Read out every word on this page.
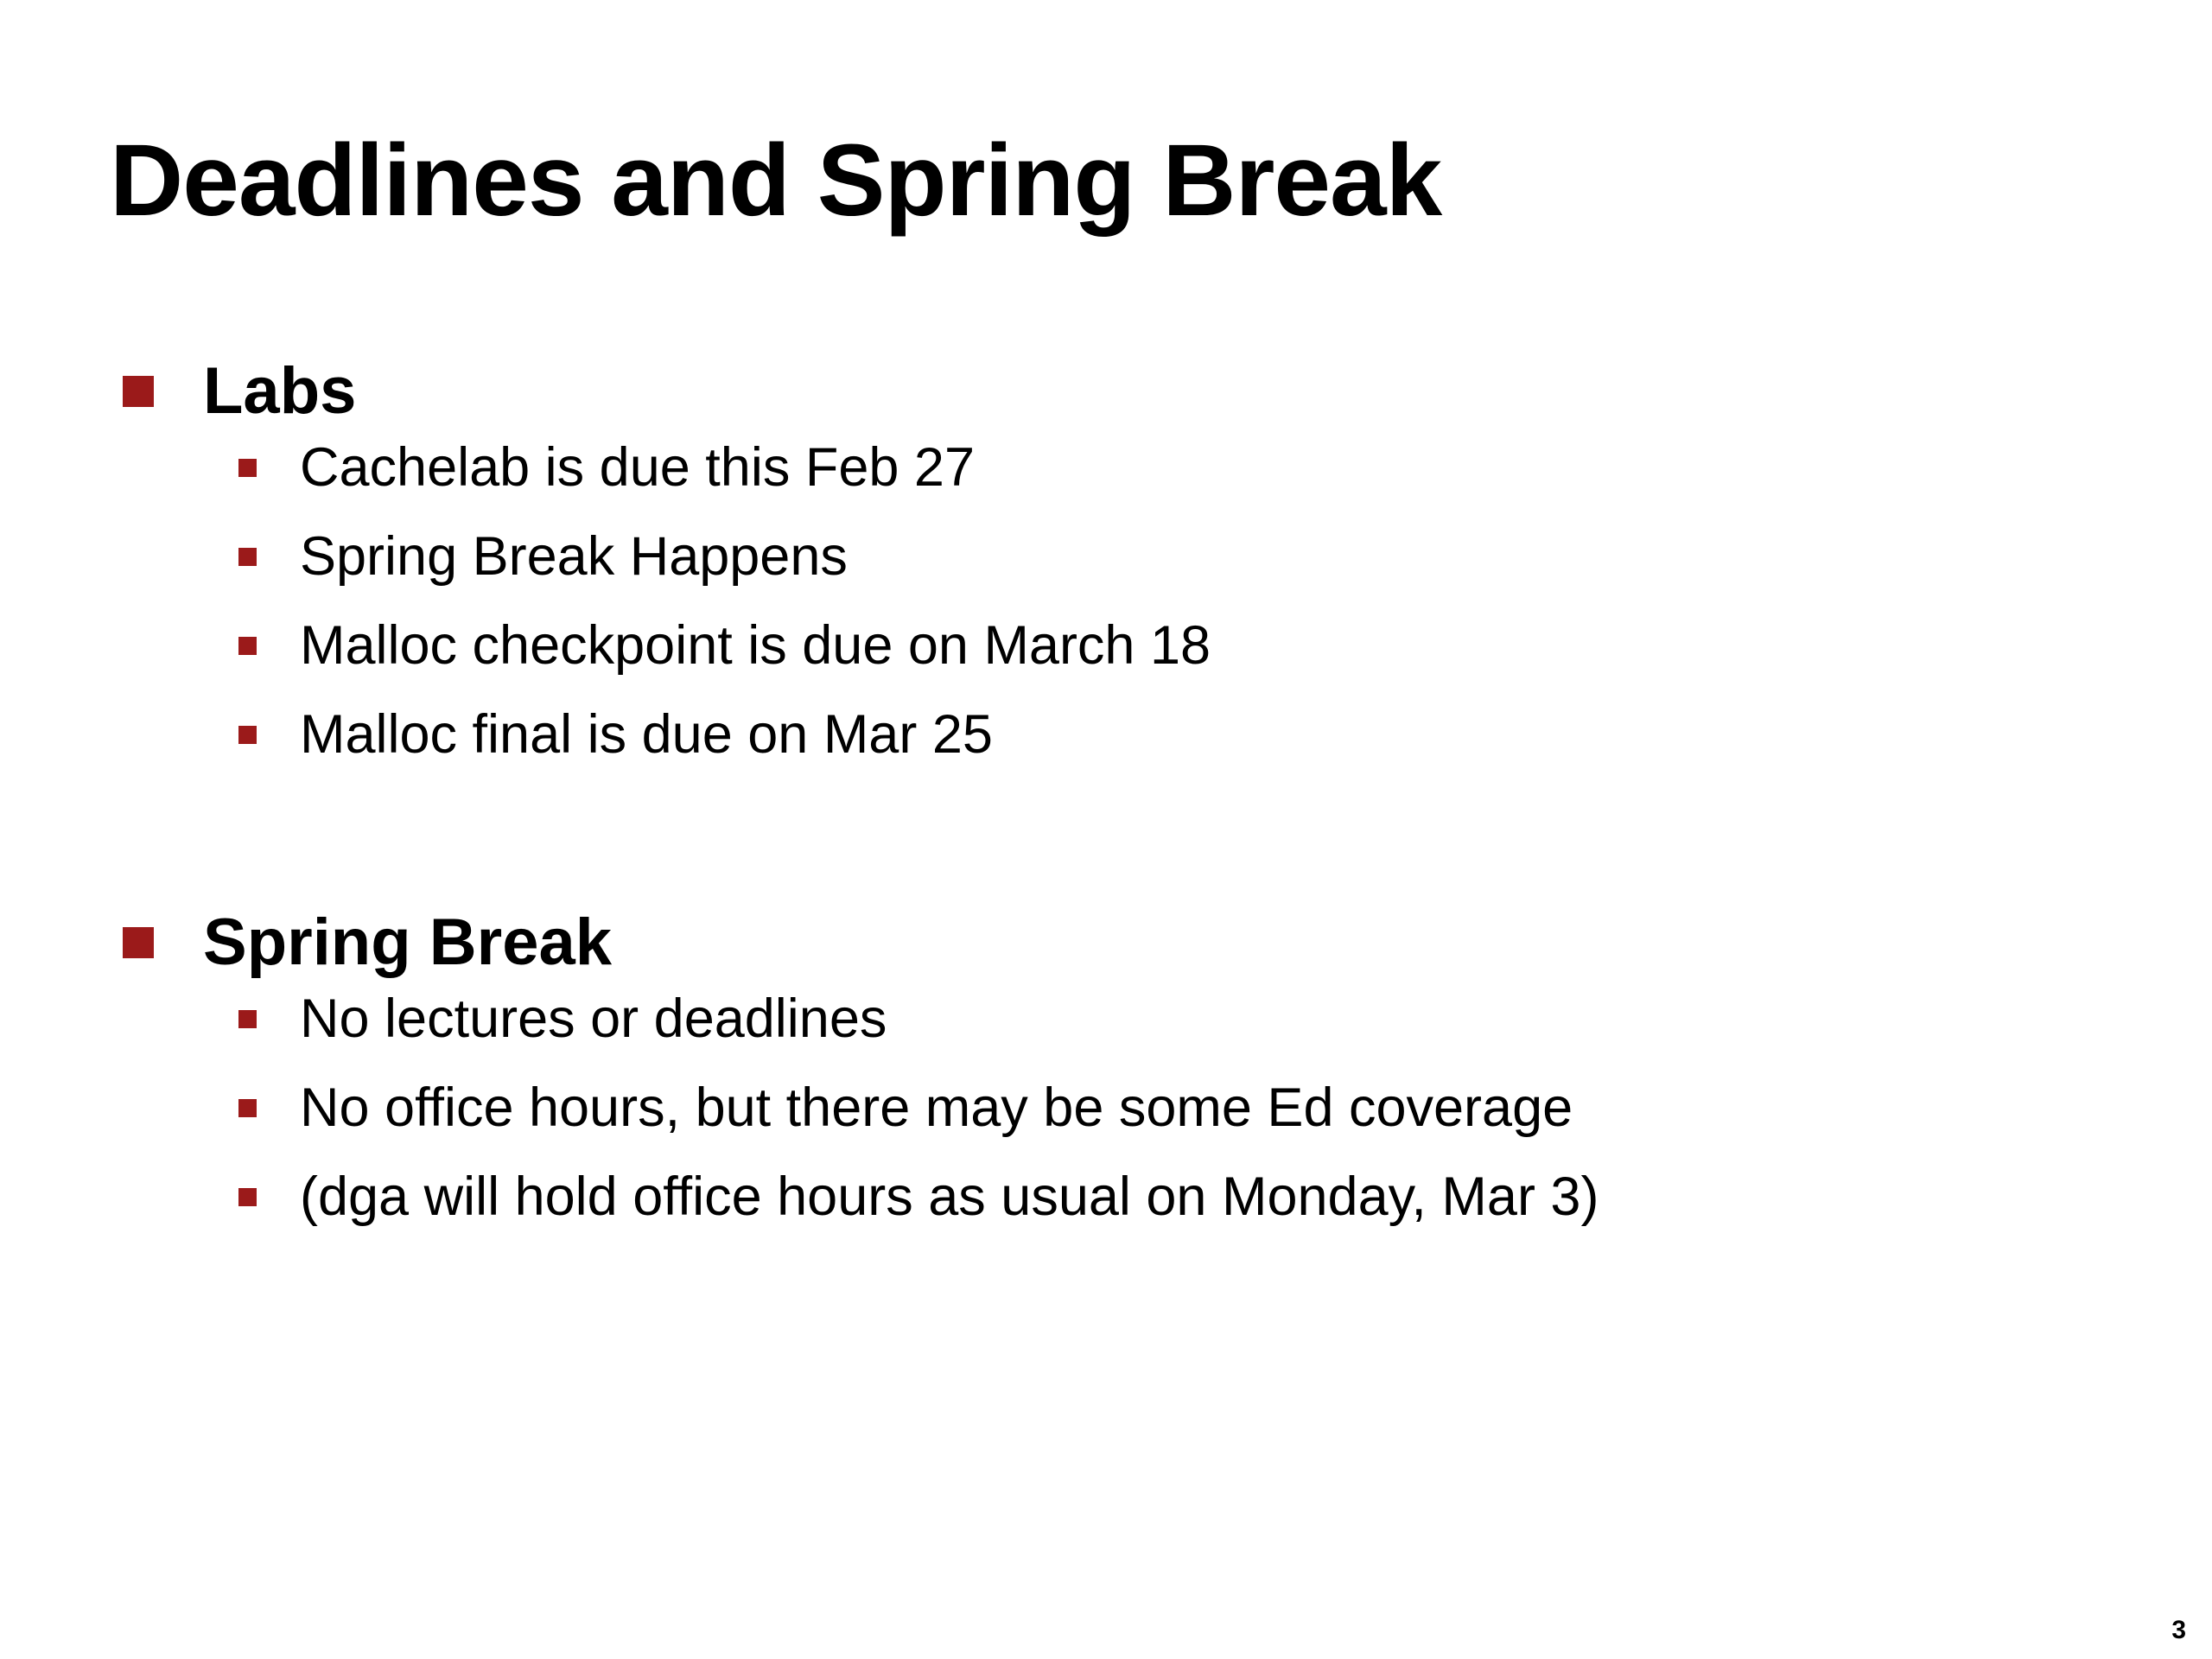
Deadlines and Spring Break
Labs
Cachelab is due this Feb 27
Spring Break Happens
Malloc checkpoint is due on March 18
Malloc final is due on Mar 25
Spring Break
No lectures or deadlines
No office hours, but there may be some Ed coverage
(dga will hold office hours as usual on Monday, Mar 3)
3
